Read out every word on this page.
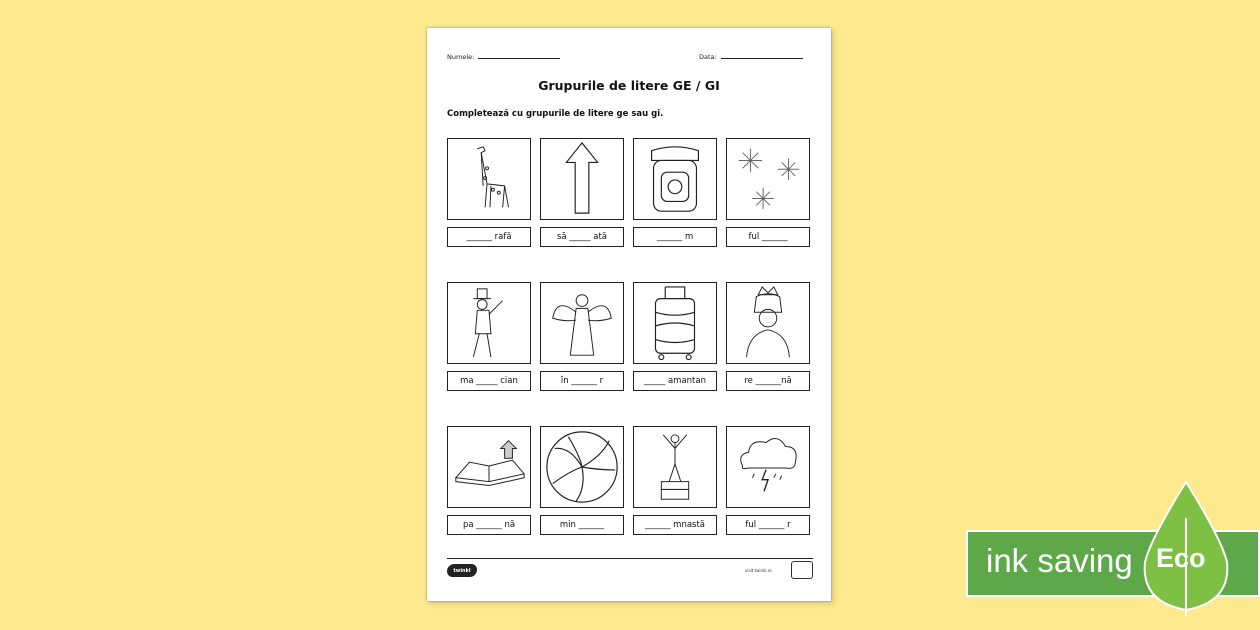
Numele:	Data:
Grupurile de litere GE / GI
Completează cu grupurile de litere ge sau gi.
______ rafă	să _____ ată	______ m	ful ______
ma _____ cian	în ______ r	_____ amantan	re ______nă
pa ______ nă	min ______	______ mnastă	ful ______ r
twinkl	visit twinkl.ro	ink saving Eco
